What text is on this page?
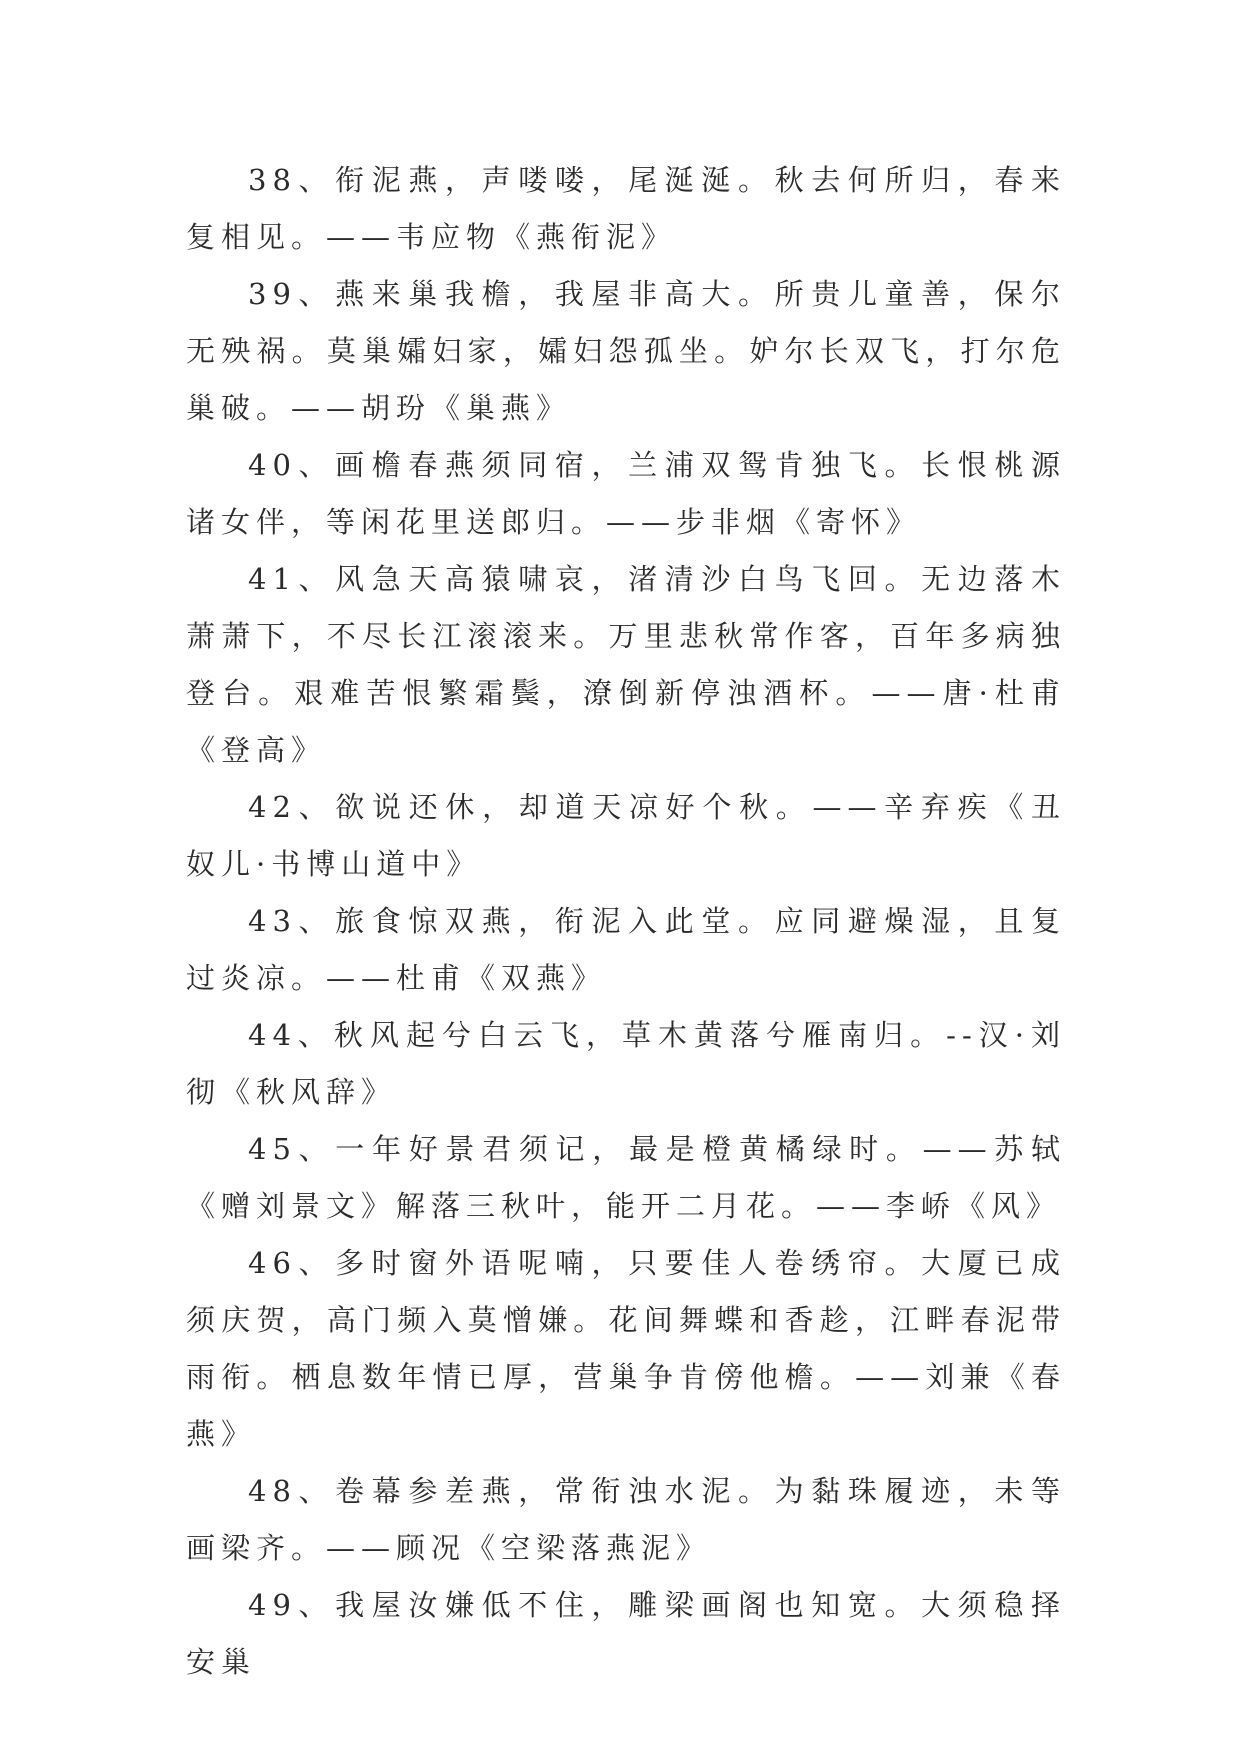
38、衔泥燕，声喽喽，尾涎涎。秋去何所归，春来复相见。——韦应物《燕衔泥》

39、燕来巢我檐，我屋非高大。所贵儿童善，保尔无殃祸。莫巢孀妇家，孀妇怨孤坐。妒尔长双飞，打尔危巢破。——胡玢《巢燕》

40、画檐春燕须同宿，兰浦双鸳肯独飞。长恨桃源诸女伴，等闲花里送郎归。——步非烟《寄怀》

41、风急天高猿啸哀，渚清沙白鸟飞回。无边落木萧萧下，不尽长江滚滚来。万里悲秋常作客，百年多病独登台。艰难苦恨繁霜鬓，潦倒新停浊酒杯。——唐·杜甫《登高》

42、欲说还休，却道天凉好个秋。——辛弃疾《丑奴儿·书博山道中》

43、旅食惊双燕，衔泥入此堂。应同避燥湿，且复过炎凉。——杜甫《双燕》

44、秋风起兮白云飞，草木黄落兮雁南归。--汉·刘彻《秋风辞》

45、一年好景君须记，最是橙黄橘绿时。——苏轼《赠刘景文》解落三秋叶，能开二月花。——李峤《风》

46、多时窗外语呢喃，只要佳人卷绣帘。大厦已成须庆贺，高门频入莫憎嫌。花间舞蝶和香趁，江畔春泥带雨衔。栖息数年情已厚，营巢争肯傍他檐。——刘兼《春燕》

48、卷幕参差燕，常衔浊水泥。为黏珠履迹，未等画梁齐。——顾况《空梁落燕泥》

49、我屋汝嫌低不住，雕梁画阁也知宽。大须稳择安巢
